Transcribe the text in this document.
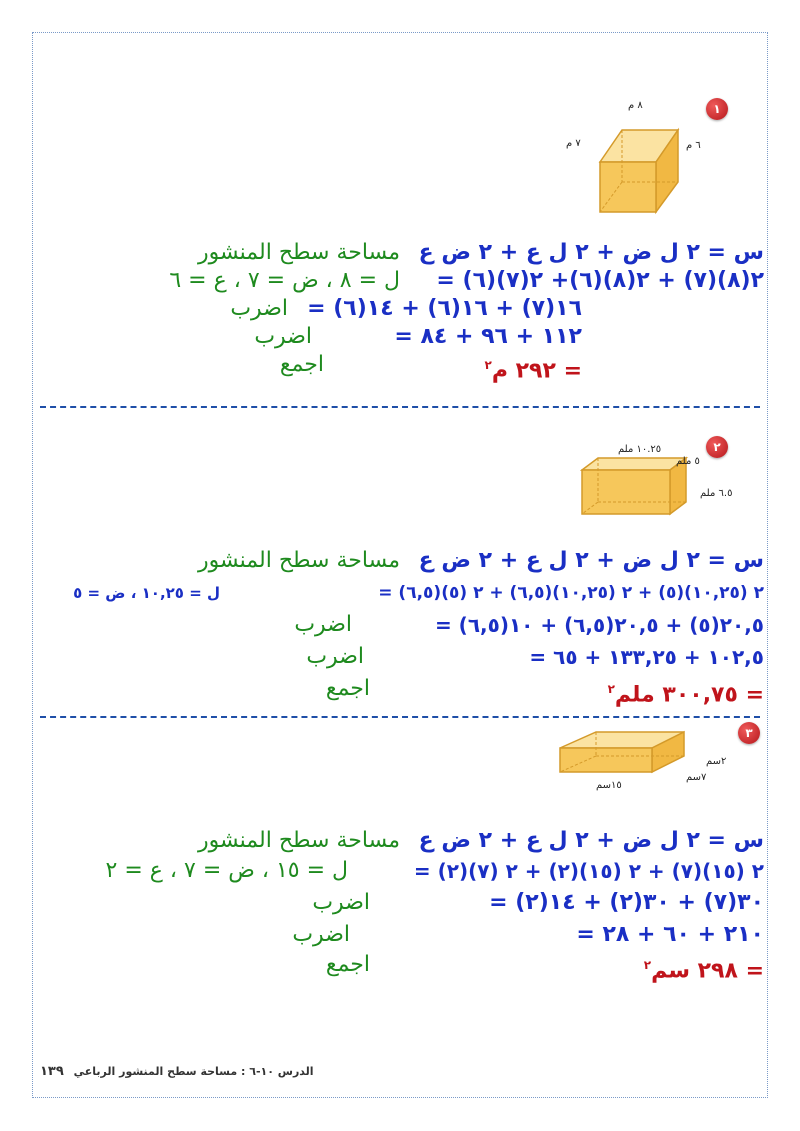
١
٨ م
٧ م	٦ م
س = ٢ ل ض + ٢ ل ع + ٢ ض ع
مساحة سطح المنشور
= ٢(٨)(٧) + ٢(٨)(٦)+ ٢(٧)(٦)
ل = ٨ ، ض = ٧ ، ع = ٦
= ١٦(٧) + ١٦(٦) + ١٤(٦)
اضرب
= ١١٢ + ٩٦ + ٨٤
اضرب
= ٢٩٢ م$^٢$
اجمع
٢
١٠.٢٥ ملم
٥ ملم
٦.٥ ملم
س = ٢ ل ض + ٢ ل ع + ٢ ض ع
مساحة سطح المنشور
= ٢ (١٠,٢٥)(٥) + ٢ (١٠,٢٥)(٦,٥) + ٢ (٥)(٦,٥)
ل = ١٠,٢٥ ، ض = ٥
= ٢٠,٥(٥) + ٢٠,٥(٦,٥) + ١٠(٦,٥)
اضرب
= ١٠٢,٥ + ١٣٣,٢٥ + ٦٥
اضرب
= ٣٠٠,٧٥ ملم$^٢$
اجمع
٣
١٥سم
٧سم
٢سم
س = ٢ ل ض + ٢ ل ع + ٢ ض ع
مساحة سطح المنشور
= ٢ (١٥)(٧) + ٢ (١٥)(٢) + ٢ (٧)(٢)
ل = ١٥ ، ض = ٧ ، ع = ٢
= ٣٠(٧) + ٣٠(٢) + ١٤(٢)
اضرب
= ٢١٠ + ٦٠ + ٢٨
اضرب
= ٢٩٨ سم$^٢$
اجمع
الدرس ١٠-٦ : مساحة سطح المنشور الرباعي ١٣٩
